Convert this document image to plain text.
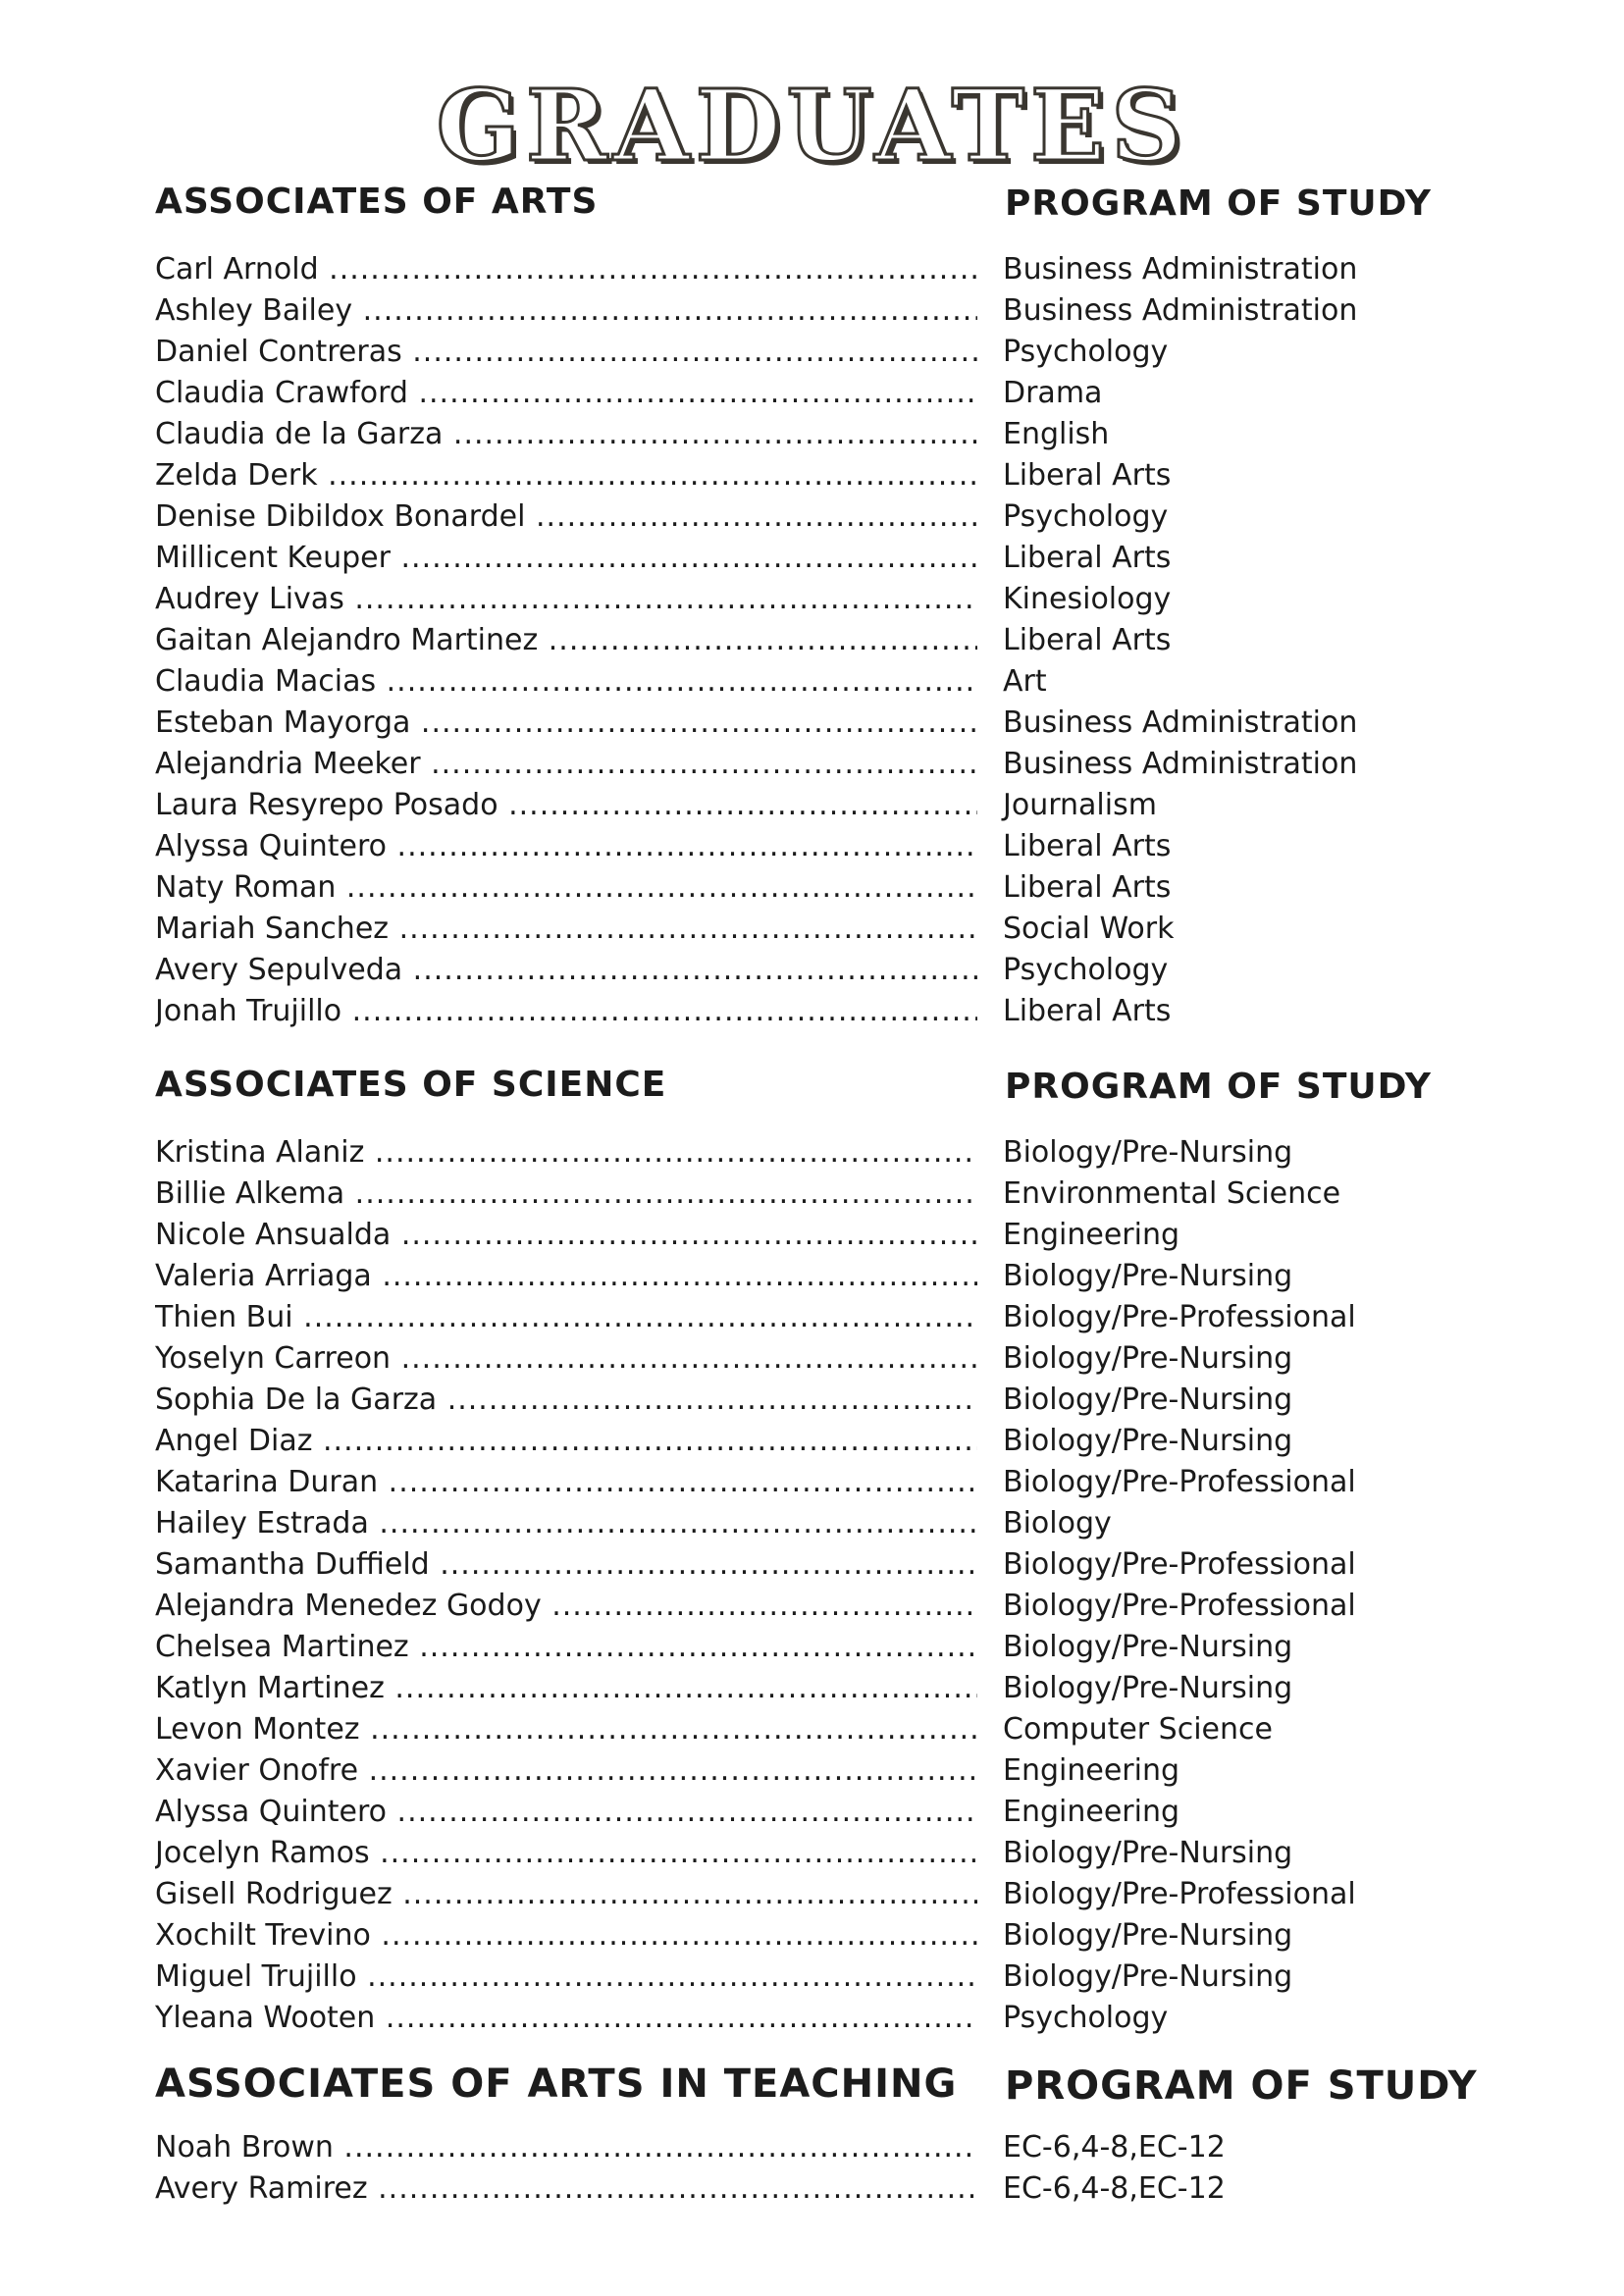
GRADUATES
ASSOCIATES OF ARTS	PROGRAM OF STUDY
Carl Arnold .....	Business Administration
Ashley Bailey .....	Business Administration
Daniel Contreras .....	Psychology
Claudia Crawford .....	Drama
Claudia de la Garza .....	English
Zelda Derk .....	Liberal Arts
Denise Dibildox Bonardel .....	Psychology
Millicent Keuper .....	Liberal Arts
Audrey Livas .....	Kinesiology
Gaitan Alejandro Martinez .....	Liberal Arts
Claudia Macias .....	Art
Esteban Mayorga .....	Business Administration
Alejandria Meeker .....	Business Administration
Laura Resyrepo Posado .....	Journalism
Alyssa Quintero .....	Liberal Arts
Naty Roman .....	Liberal Arts
Mariah Sanchez .....	Social Work
Avery Sepulveda .....	Psychology
Jonah Trujillo .....	Liberal Arts
ASSOCIATES OF SCIENCE	PROGRAM OF STUDY
Kristina Alaniz .....	Biology/Pre-Nursing
Billie Alkema .....	Environmental Science
Nicole Ansualda .....	Engineering
Valeria Arriaga .....	Biology/Pre-Nursing
Thien Bui .....	Biology/Pre-Professional
Yoselyn Carreon .....	Biology/Pre-Nursing
Sophia De la Garza .....	Biology/Pre-Nursing
Angel Diaz .....	Biology/Pre-Nursing
Katarina Duran .....	Biology/Pre-Professional
Hailey Estrada .....	Biology
Samantha Duffield .....	Biology/Pre-Professional
Alejandra Menedez Godoy .....	Biology/Pre-Professional
Chelsea Martinez .....	Biology/Pre-Nursing
Katlyn Martinez .....	Biology/Pre-Nursing
Levon Montez .....	Computer Science
Xavier Onofre .....	Engineering
Alyssa Quintero .....	Engineering
Jocelyn Ramos .....	Biology/Pre-Nursing
Gisell Rodriguez .....	Biology/Pre-Professional
Xochilt Trevino .....	Biology/Pre-Nursing
Miguel Trujillo .....	Biology/Pre-Nursing
Yleana Wooten .....	Psychology
ASSOCIATES OF ARTS IN TEACHING PROGRAM OF STUDY
Noah Brown .....	EC-6,4-8,EC-12
Avery Ramirez .....	EC-6,4-8,EC-12
